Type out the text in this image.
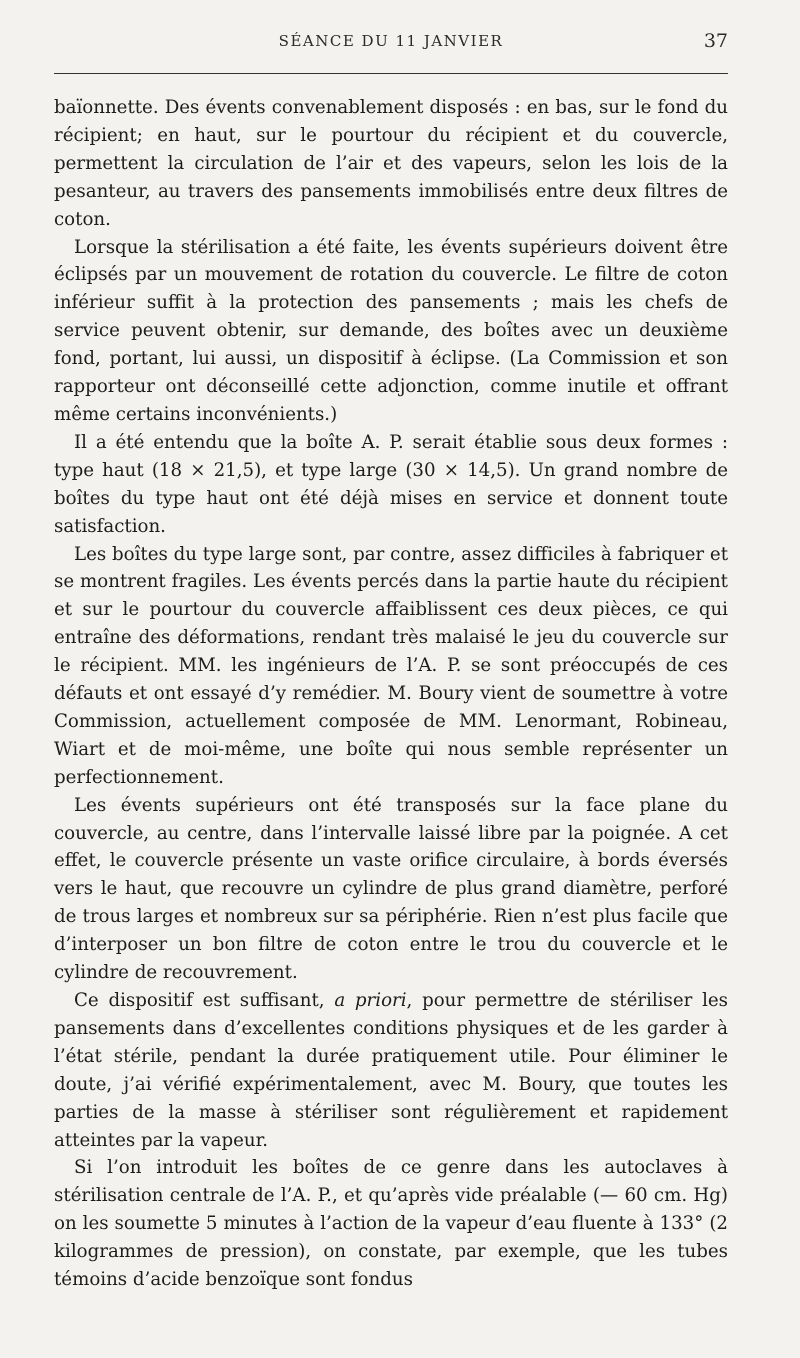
SÉANCE DU 11 JANVIER	37

baïonnette. Des évents convenablement disposés : en bas, sur le fond du récipient; en haut, sur le pourtour du récipient et du couvercle, permettent la circulation de l’air et des vapeurs, selon les lois de la pesanteur, au travers des pansements immobilisés entre deux filtres de coton.

Lorsque la stérilisation a été faite, les évents supérieurs doivent être éclipsés par un mouvement de rotation du couvercle. Le filtre de coton inférieur suffit à la protection des pansements ; mais les chefs de service peuvent obtenir, sur demande, des boîtes avec un deuxième fond, portant, lui aussi, un dispositif à éclipse. (La Commission et son rapporteur ont déconseillé cette adjonction, comme inutile et offrant même certains inconvénients.)

Il a été entendu que la boîte A. P. serait établie sous deux formes : type haut (18 × 21,5), et type large (30 × 14,5). Un grand nombre de boîtes du type haut ont été déjà mises en service et donnent toute satisfaction.

Les boîtes du type large sont, par contre, assez difficiles à fabriquer et se montrent fragiles. Les évents percés dans la partie haute du récipient et sur le pourtour du couvercle affaiblissent ces deux pièces, ce qui entraîne des déformations, rendant très malaisé le jeu du couvercle sur le récipient. MM. les ingénieurs de l’A. P. se sont préoccupés de ces défauts et ont essayé d’y remédier. M. Boury vient de soumettre à votre Commission, actuellement composée de MM. Lenormant, Robineau, Wiart et de moi-même, une boîte qui nous semble représenter un perfectionnement.

Les évents supérieurs ont été transposés sur la face plane du couvercle, au centre, dans l’intervalle laissé libre par la poignée. A cet effet, le couvercle présente un vaste orifice circulaire, à bords éversés vers le haut, que recouvre un cylindre de plus grand diamètre, perforé de trous larges et nombreux sur sa périphérie. Rien n’est plus facile que d’interposer un bon filtre de coton entre le trou du couvercle et le cylindre de recouvrement.

Ce dispositif est suffisant, a priori, pour permettre de stériliser les pansements dans d’excellentes conditions physiques et de les garder à l’état stérile, pendant la durée pratiquement utile. Pour éliminer le doute, j’ai vérifié expérimentalement, avec M. Boury, que toutes les parties de la masse à stériliser sont régulièrement et rapidement atteintes par la vapeur.

Si l’on introduit les boîtes de ce genre dans les autoclaves à stérilisation centrale de l’A. P., et qu’après vide préalable (— 60 cm. Hg) on les soumette 5 minutes à l’action de la vapeur d’eau fluente à 133° (2 kilogrammes de pression), on constate, par exemple, que les tubes témoins d’acide benzoïque sont fondus
